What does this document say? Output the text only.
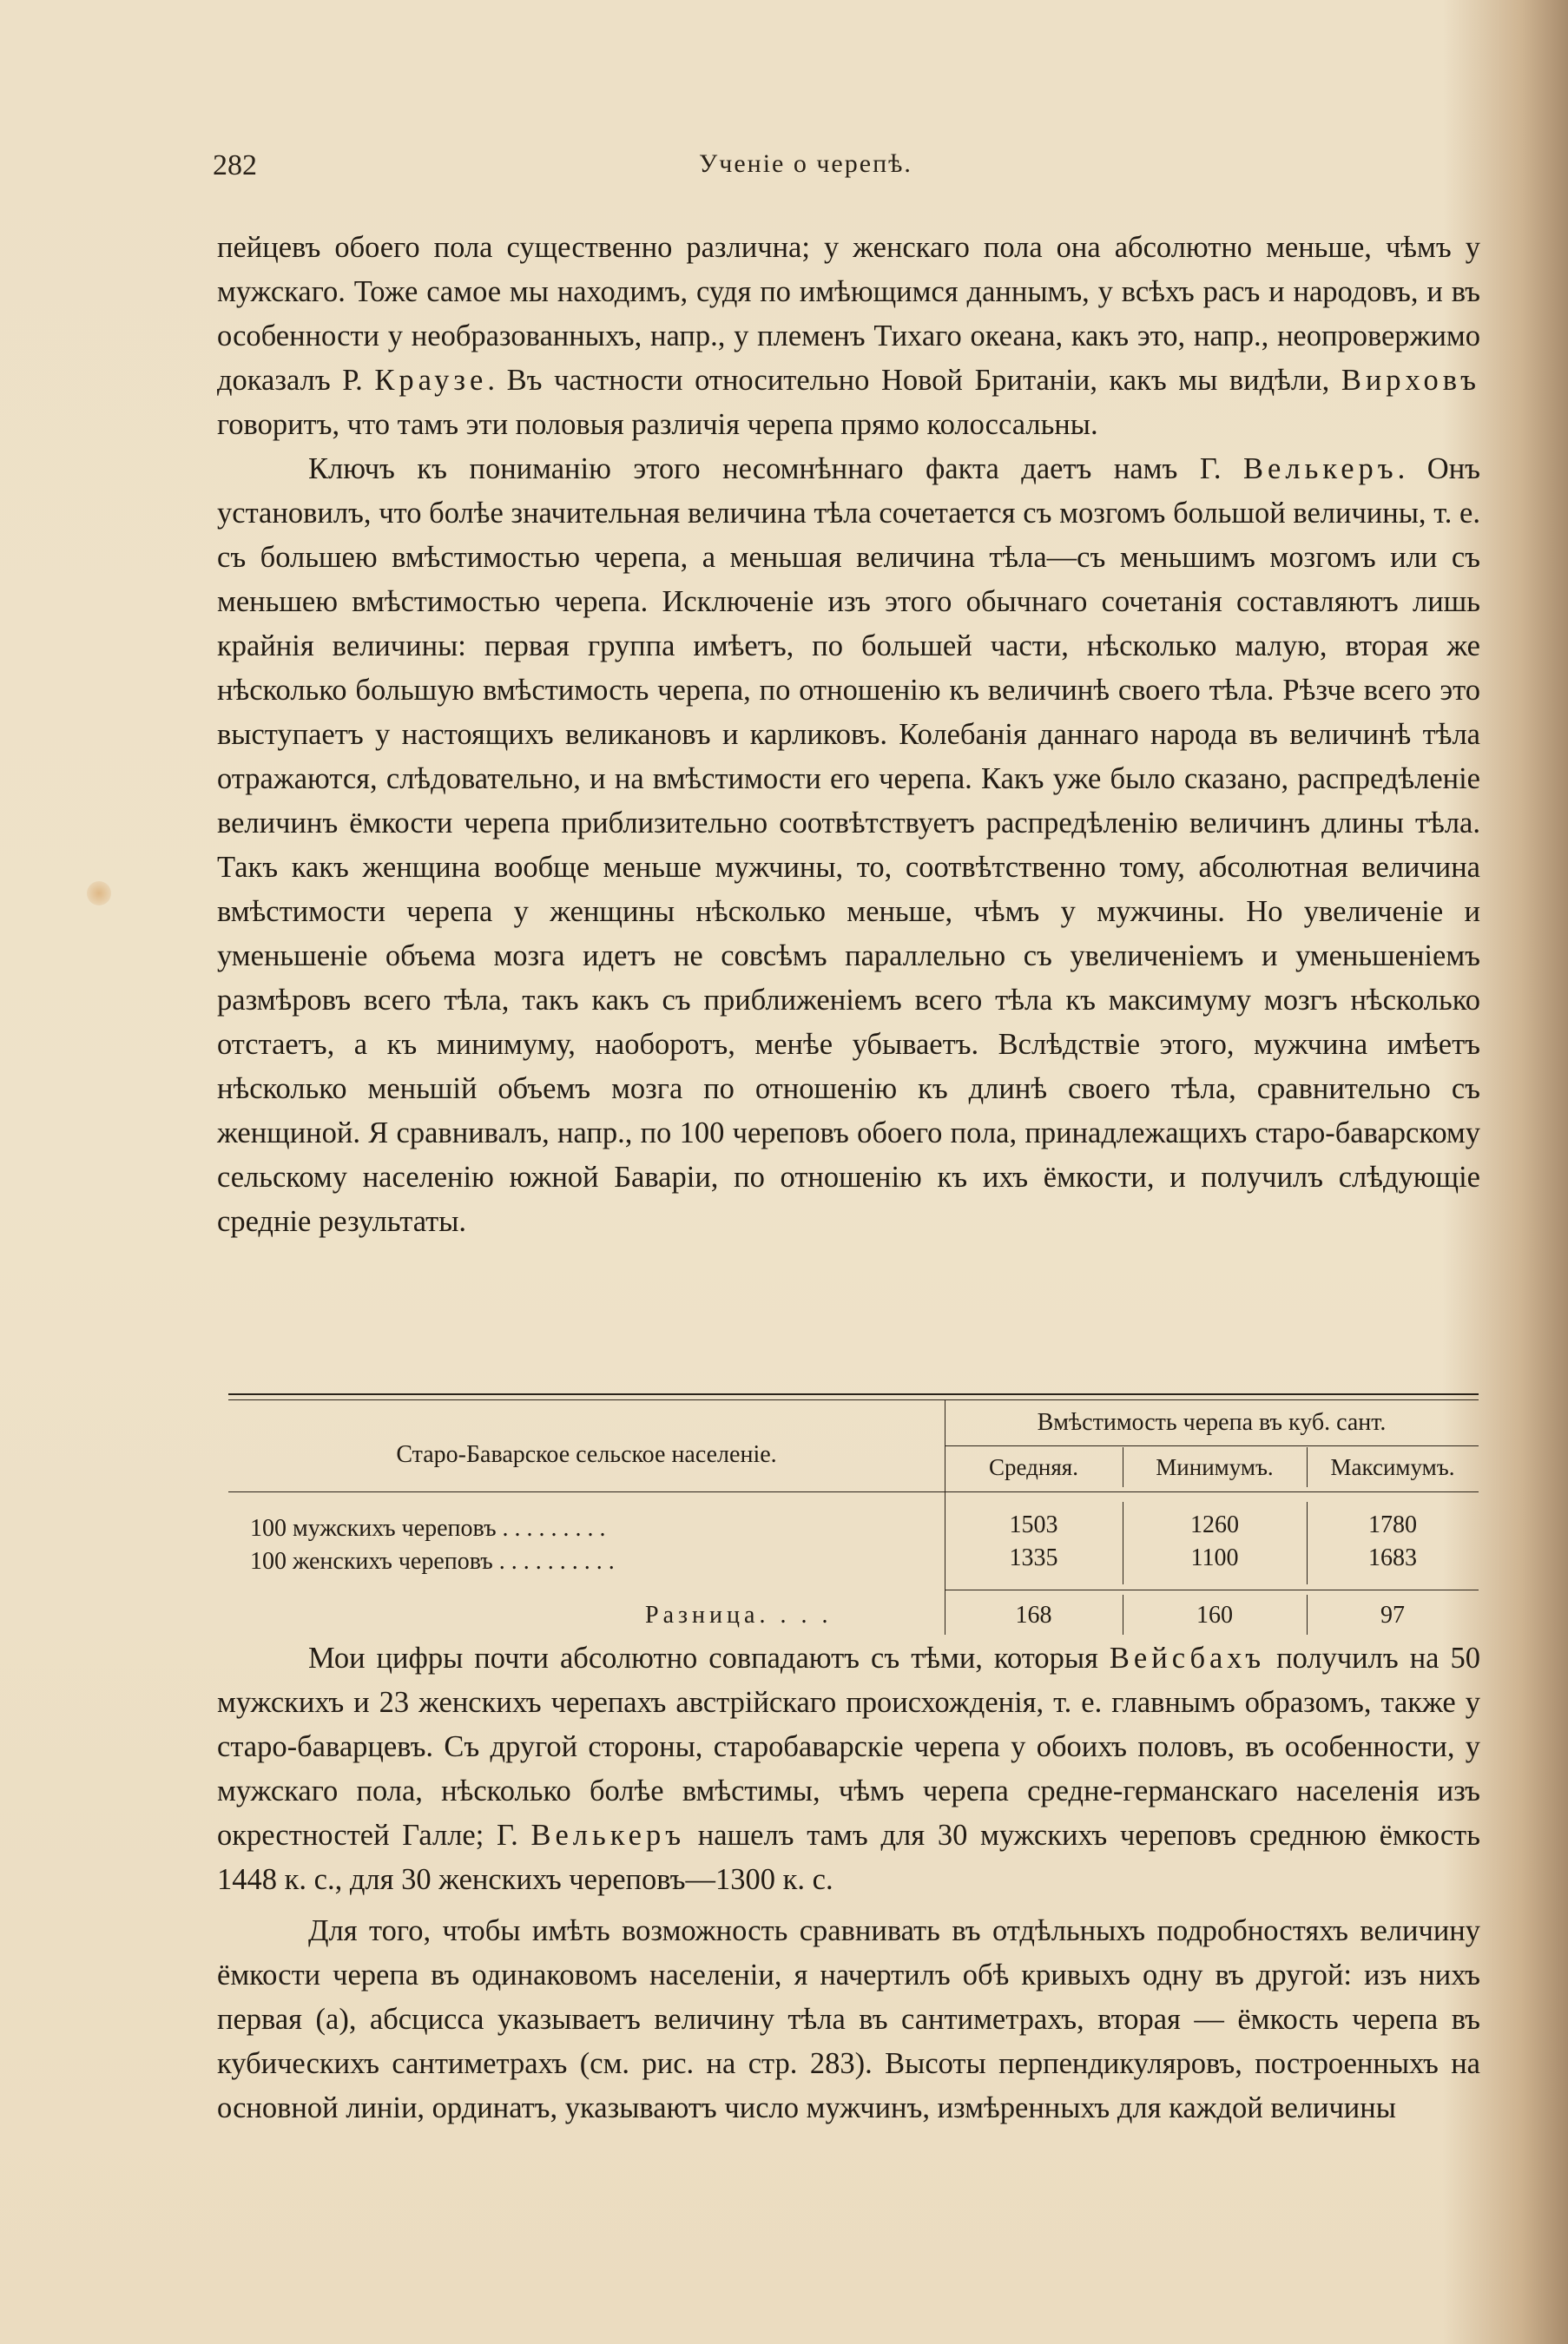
282	Ученіе о черепѣ.

пейцевъ обоего пола существенно различна; у женскаго пола она абсолютно меньше, чѣмъ у мужскаго. Тоже самое мы находимъ, судя по имѣющимся даннымъ, у всѣхъ расъ и народовъ, и въ особенности у необразованныхъ, напр., у племенъ Тихаго океана, какъ это, напр., неопровержимо доказалъ Р. Краузе. Въ частности относительно Новой Британіи, какъ мы видѣли, Вирховъ говоритъ, что тамъ эти половыя различія черепа прямо колоссальны.

Ключъ къ пониманію этого несомнѣннаго факта даетъ намъ Г. Велькеръ. Онъ установилъ, что болѣе значительная величина тѣла сочетается съ мозгомъ большой величины, т. е. съ большею вмѣстимостью черепа, а меньшая величина тѣла—съ меньшимъ мозгомъ или съ меньшею вмѣстимостью черепа. Исключеніе изъ этого обычнаго сочетанія составляютъ лишь крайнія величины: первая группа имѣетъ, по большей части, нѣсколько малую, вторая же нѣсколько большую вмѣстимость черепа, по отношенію къ величинѣ своего тѣла. Рѣзче всего это выступаетъ у настоящихъ великановъ и карликовъ. Колебанія даннаго народа въ величинѣ тѣла отражаются, слѣдовательно, и на вмѣстимости его черепа. Какъ уже было сказано, распредѣленіе величинъ ёмкости черепа приблизительно соотвѣтствуетъ распредѣленію величинъ длины тѣла. Такъ какъ женщина вообще меньше мужчины, то, соотвѣтственно тому, абсолютная величина вмѣстимости черепа у женщины нѣсколько меньше, чѣмъ у мужчины. Но увеличеніе и уменьшеніе объема мозга идетъ не совсѣмъ параллельно съ увеличеніемъ и уменьшеніемъ размѣровъ всего тѣла, такъ какъ съ приближеніемъ всего тѣла къ максимуму мозгъ нѣсколько отстаетъ, а къ минимуму, наоборотъ, менѣе убываетъ. Вслѣдствіе этого, мужчина имѣетъ нѣсколько меньшій объемъ мозга по отношенію къ длинѣ своего тѣла, сравнительно съ женщиной. Я сравнивалъ, напр., по 100 череповъ обоего пола, принадлежащихъ старо-баварскому сельскому населенію южной Баваріи, по отношенію къ ихъ ёмкости, и получилъ слѣдующіе средніе результаты.

Вмѣстимость черепа въ куб. сант.
Старо-Баварское сельское населеніе.	Средняя.	Минимумъ.	Максимумъ.
100 мужскихъ череповъ . . . . . . . . .	1503	1260	1780
100 женскихъ череповъ . . . . . . . . . .	1335	1100	1683
Разница. . . .	168	160	97

Мои цифры почти абсолютно совпадаютъ съ тѣми, которыя Вейсбахъ получилъ на 50 мужскихъ и 23 женскихъ черепахъ австрійскаго происхожденія, т. е. главнымъ образомъ, также у старо-баварцевъ. Съ другой стороны, старобаварскіе черепа у обоихъ половъ, въ особенности, у мужскаго пола, нѣсколько болѣе вмѣстимы, чѣмъ черепа средне-германскаго населенія изъ окрестностей Галле; Г. Велькеръ нашелъ тамъ для 30 мужскихъ череповъ среднюю ёмкость 1448 к. с., для 30 женскихъ череповъ—1300 к. с.

Для того, чтобы имѣть возможность сравнивать въ отдѣльныхъ подробностяхъ величину ёмкости черепа въ одинаковомъ населеніи, я начертилъ обѣ кривыхъ одну въ другой: изъ нихъ первая (а), абсцисса указываетъ величину тѣла въ сантиметрахъ, вторая — ёмкость черепа въ кубическихъ сантиметрахъ (см. рис. на стр. 283). Высоты перпендикуляровъ, построенныхъ на основной линіи, ординатъ, указываютъ число мужчинъ, измѣренныхъ для каждой величины
